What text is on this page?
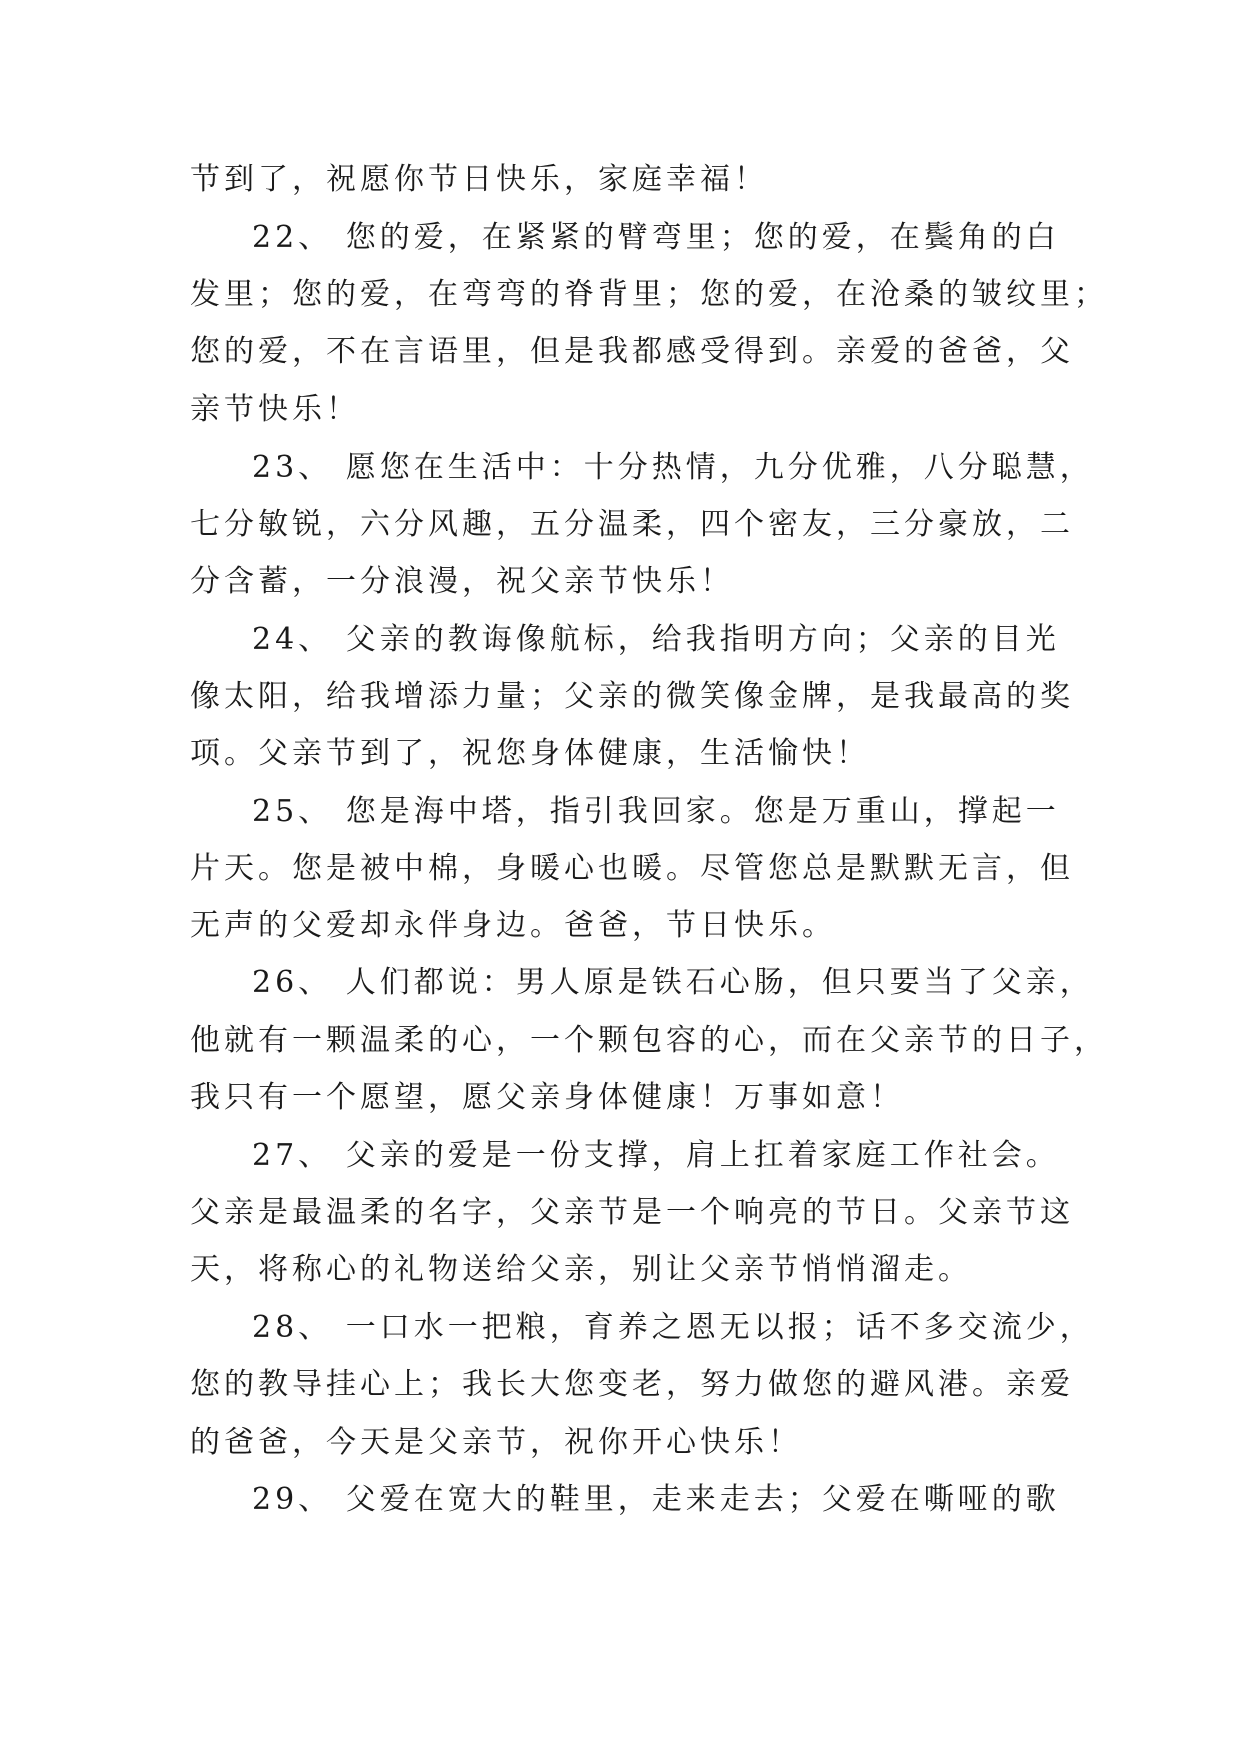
节到了，祝愿你节日快乐，家庭幸福！
22、 您的爱，在紧紧的臂弯里；您的爱，在鬓角的白
发里；您的爱，在弯弯的脊背里；您的爱，在沧桑的皱纹里；
您的爱，不在言语里，但是我都感受得到。亲爱的爸爸，父
亲节快乐！
23、 愿您在生活中：十分热情，九分优雅，八分聪慧，
七分敏锐，六分风趣，五分温柔，四个密友，三分豪放，二
分含蓄，一分浪漫，祝父亲节快乐！
24、 父亲的教诲像航标，给我指明方向；父亲的目光
像太阳，给我增添力量；父亲的微笑像金牌，是我最高的奖
项。父亲节到了，祝您身体健康，生活愉快！
25、 您是海中塔，指引我回家。您是万重山，撑起一
片天。您是被中棉，身暖心也暖。尽管您总是默默无言，但
无声的父爱却永伴身边。爸爸，节日快乐。
26、 人们都说：男人原是铁石心肠，但只要当了父亲，
他就有一颗温柔的心，一个颗包容的心，而在父亲节的日子，
我只有一个愿望，愿父亲身体健康！万事如意！
27、 父亲的爱是一份支撑，肩上扛着家庭工作社会。
父亲是最温柔的名字，父亲节是一个响亮的节日。父亲节这
天，将称心的礼物送给父亲，别让父亲节悄悄溜走。
28、 一口水一把粮，育养之恩无以报；话不多交流少，
您的教导挂心上；我长大您变老，努力做您的避风港。亲爱
的爸爸，今天是父亲节，祝你开心快乐！
29、 父爱在宽大的鞋里，走来走去；父爱在嘶哑的歌
